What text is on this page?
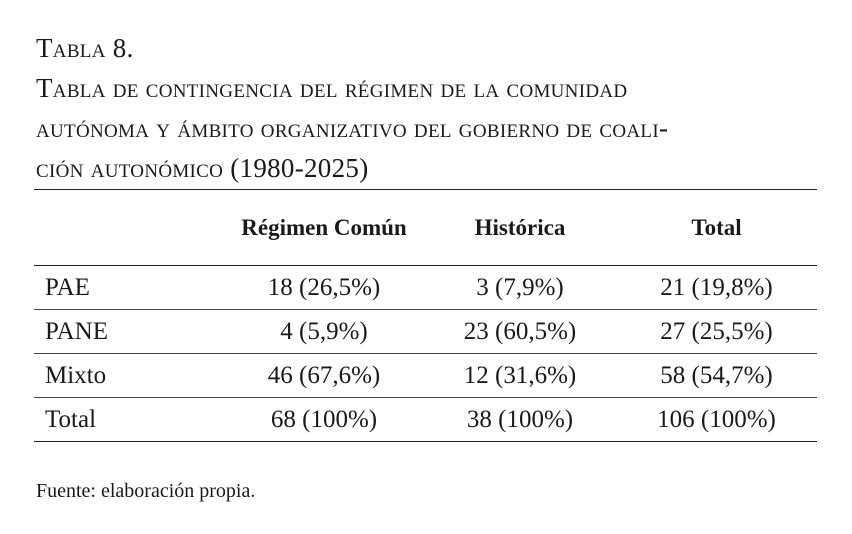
Tabla 8.
Tabla de contingencia del régimen de la comunidad
autónoma y ámbito organizativo del gobierno de coali-
ción autonómico (1980-2025)
	Régimen Común	Histórica	Total
PAE	18 (26,5%)	3 (7,9%)	21 (19,8%)
PANE	4 (5,9%)	23 (60,5%)	27 (25,5%)
Mixto	46 (67,6%)	12 (31,6%)	58 (54,7%)
Total	68 (100%)	38 (100%)	106 (100%)
Fuente: elaboración propia.
